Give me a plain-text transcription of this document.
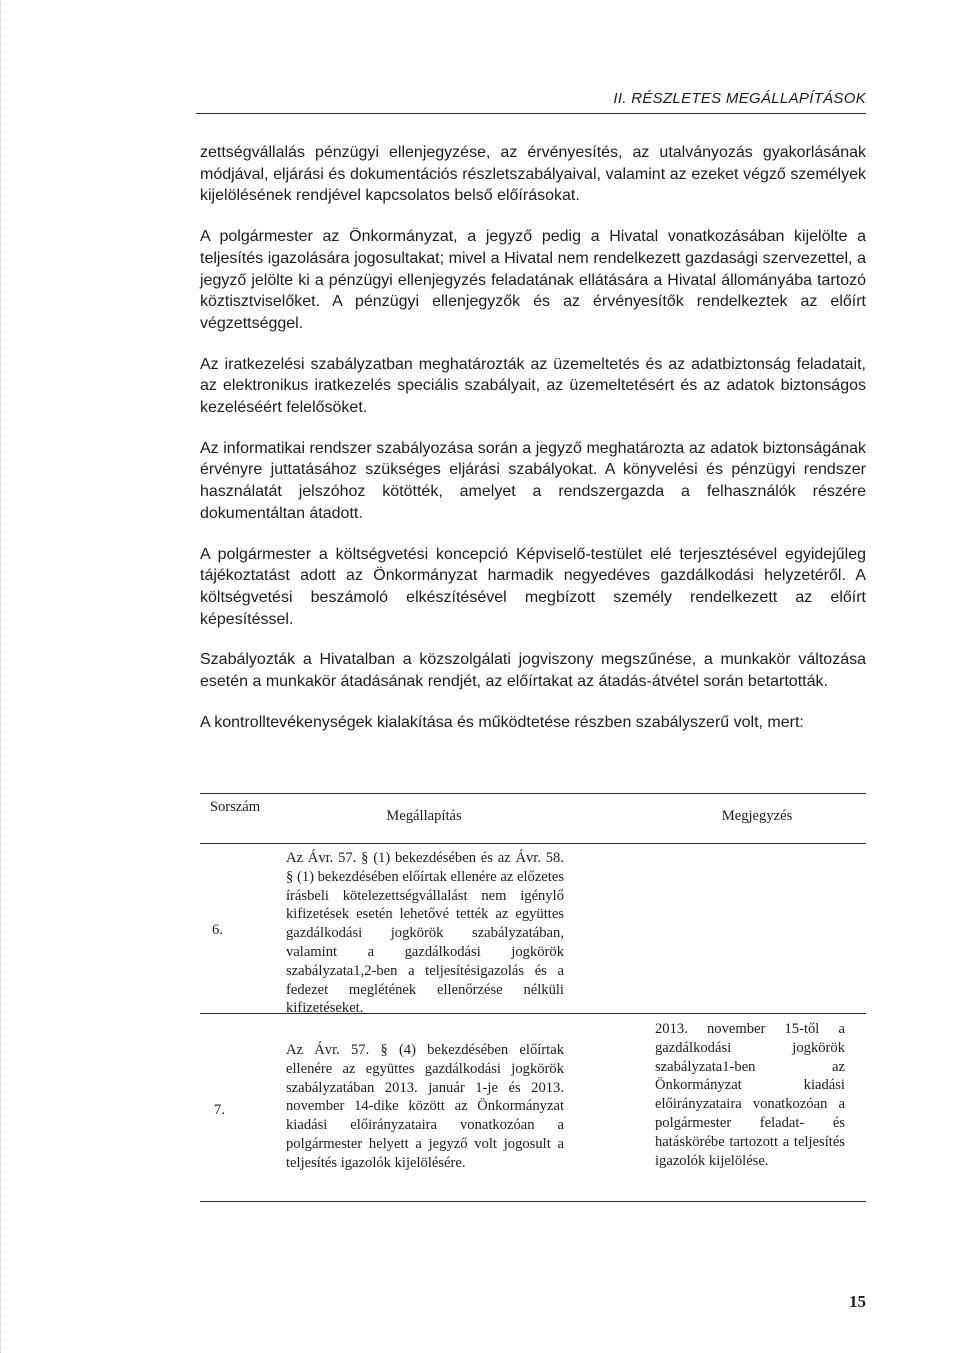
II. RÉSZLETES MEGÁLLAPÍTÁSOK

zettségvállalás pénzügyi ellenjegyzése, az érvényesítés, az utalványozás gyakorlásának módjával, eljárási és dokumentációs részletszabályaival, valamint az ezeket végző személyek kijelölésének rendjével kapcsolatos belső előírásokat.

A polgármester az Önkormányzat, a jegyző pedig a Hivatal vonatkozásában kijelölte a teljesítés igazolására jogosultakat; mivel a Hivatal nem rendelkezett gazdasági szervezettel, a jegyző jelölte ki a pénzügyi ellenjegyzés feladatának ellátására a Hivatal állományába tartozó köztisztviselőket. A pénzügyi ellenjegyzők és az érvényesítők rendelkeztek az előírt végzettséggel.

Az iratkezelési szabályzatban meghatározták az üzemeltetés és az adatbiztonság feladatait, az elektronikus iratkezelés speciális szabályait, az üzemeltetésért és az adatok biztonságos kezeléséért felelősöket.

Az informatikai rendszer szabályozása során a jegyző meghatározta az adatok biztonságának érvényre juttatásához szükséges eljárási szabályokat. A könyvelési és pénzügyi rendszer használatát jelszóhoz kötötték, amelyet a rendszergazda a felhasználók részére dokumentáltan átadott.

A polgármester a költségvetési koncepció Képviselő-testület elé terjesztésével egyidejűleg tájékoztatást adott az Önkormányzat harmadik negyedéves gazdálkodási helyzetéről. A költségvetési beszámoló elkészítésével megbízott személy rendelkezett az előírt képesítéssel.

Szabályozták a Hivatalban a közszolgálati jogviszony megszűnése, a munkakör változása esetén a munkakör átadásának rendjét, az előírtakat az átadás-átvétel során betartották.

A kontrolltevékenységek kialakítása és működtetése részben szabályszerű volt, mert:

Sorszám
Megállapítás	Megjegyzés
6.
Az Ávr. 57. § (1) bekezdésében és az Ávr. 58. § (1) bekezdésében előírtak ellenére az előzetes írásbeli kötelezettségvállalást nem igénylő kifizetések esetén lehetővé tették az együttes gazdálkodási jogkörök szabályzatában, valamint a gazdálkodási jogkörök szabályzata1,2-ben a teljesítésigazolás és a fedezet meglétének ellenőrzése nélküli kifizetéseket.
7.
Az Ávr. 57. § (4) bekezdésében előírtak ellenére az együttes gazdálkodási jogkörök szabályzatában 2013. január 1-je és 2013. november 14-dike között az Önkormányzat kiadási előirányzataira vonatkozóan a polgármester helyett a jegyző volt jogosult a teljesítés igazolók kijelölésére.
2013. november 15-től a gazdálkodási jogkörök szabályzata1-ben az Önkormányzat kiadási előirányzataira vonatkozóan a polgármester feladat- és hatáskörébe tartozott a teljesítés igazolók kijelölése.
15
